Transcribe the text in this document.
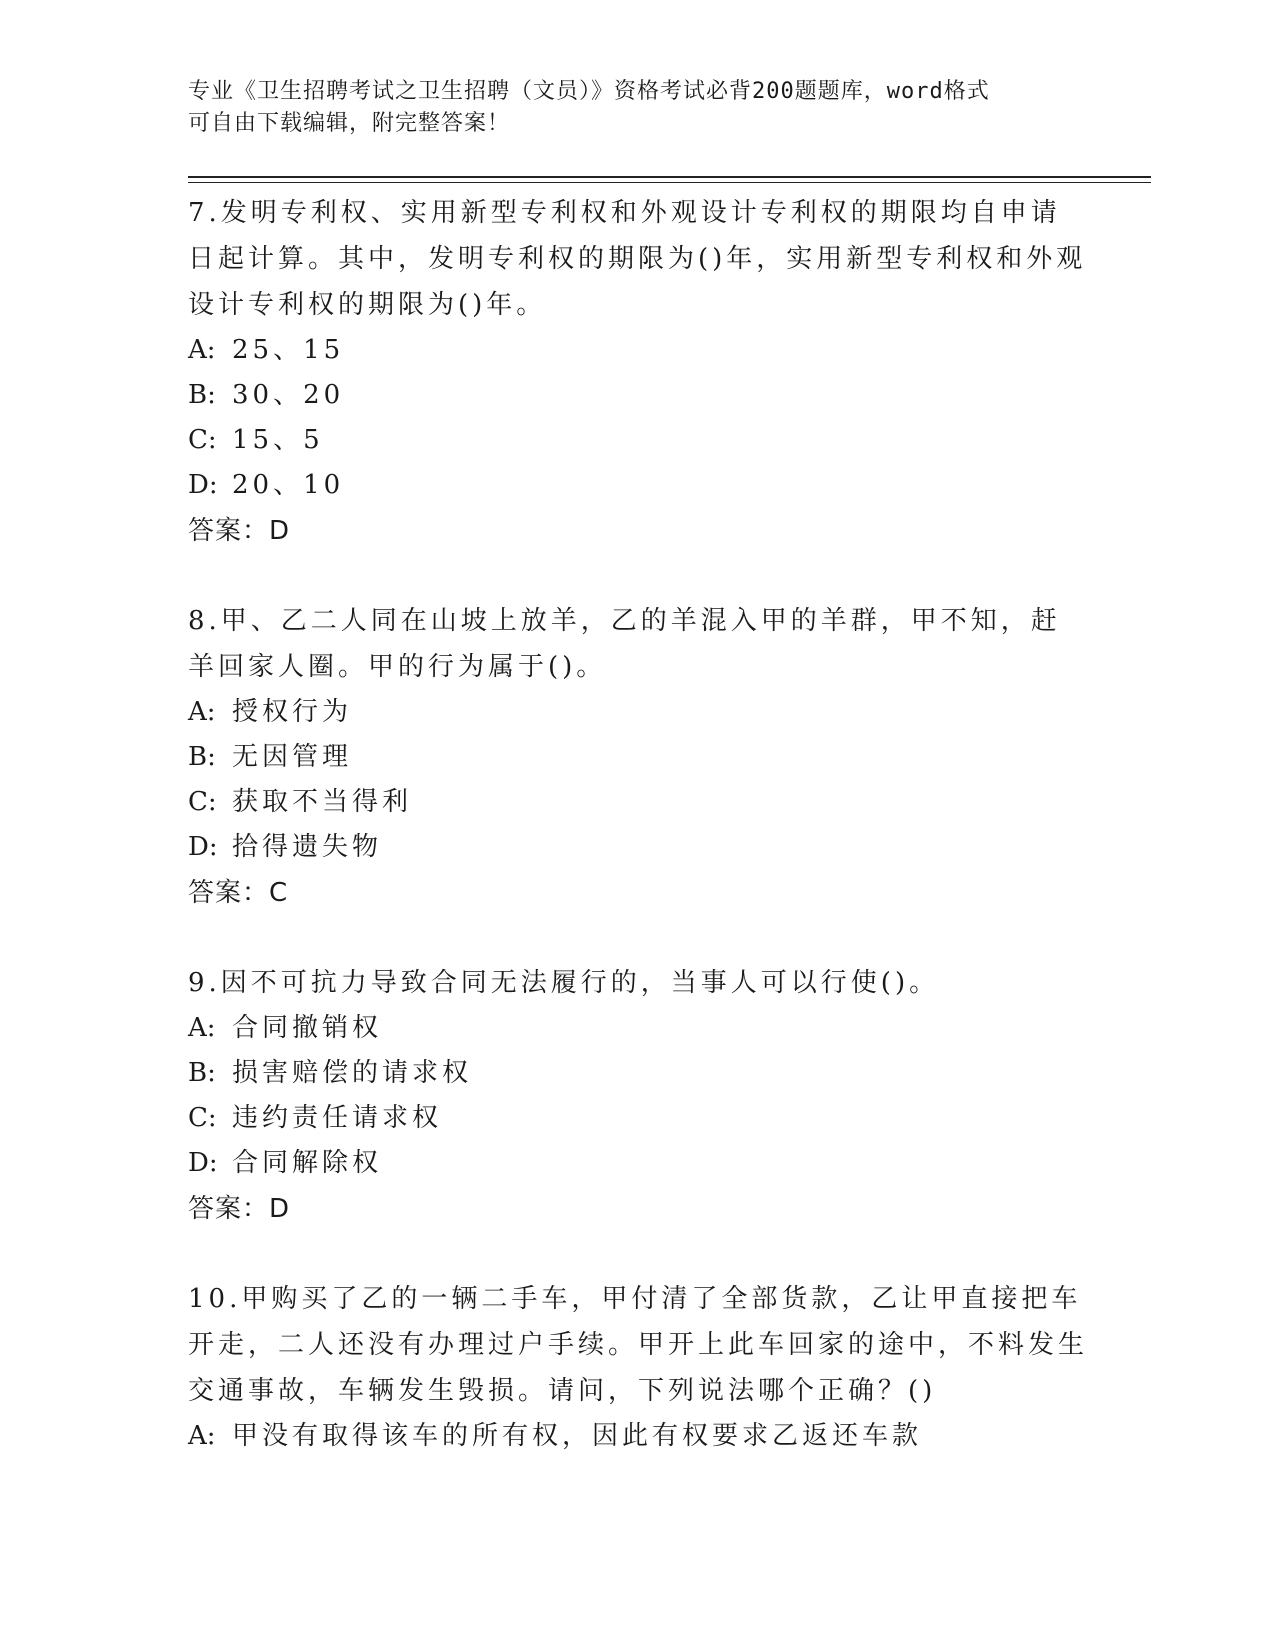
专业《卫生招聘考试之卫生招聘（文员）》资格考试必背200题题库，word格式
可自由下载编辑，附完整答案！

7.发明专利权、实用新型专利权和外观设计专利权的期限均自申请日起计算。其中，发明专利权的期限为()年，实用新型专利权和外观设计专利权的期限为()年。

A: 25、15

B: 30、20

C: 15、5

D: 20、10

答案：D

8.甲、乙二人同在山坡上放羊，乙的羊混入甲的羊群，甲不知，赶羊回家人圈。甲的行为属于()。

A: 授权行为

B: 无因管理

C: 获取不当得利

D: 拾得遗失物

答案：C

9.因不可抗力导致合同无法履行的，当事人可以行使()。

A: 合同撤销权

B: 损害赔偿的请求权

C: 违约责任请求权

D: 合同解除权

答案：D

10.甲购买了乙的一辆二手车，甲付清了全部货款，乙让甲直接把车开走，二人还没有办理过户手续。甲开上此车回家的途中，不料发生交通事故，车辆发生毁损。请问，下列说法哪个正确？()

A: 甲没有取得该车的所有权，因此有权要求乙返还车款
